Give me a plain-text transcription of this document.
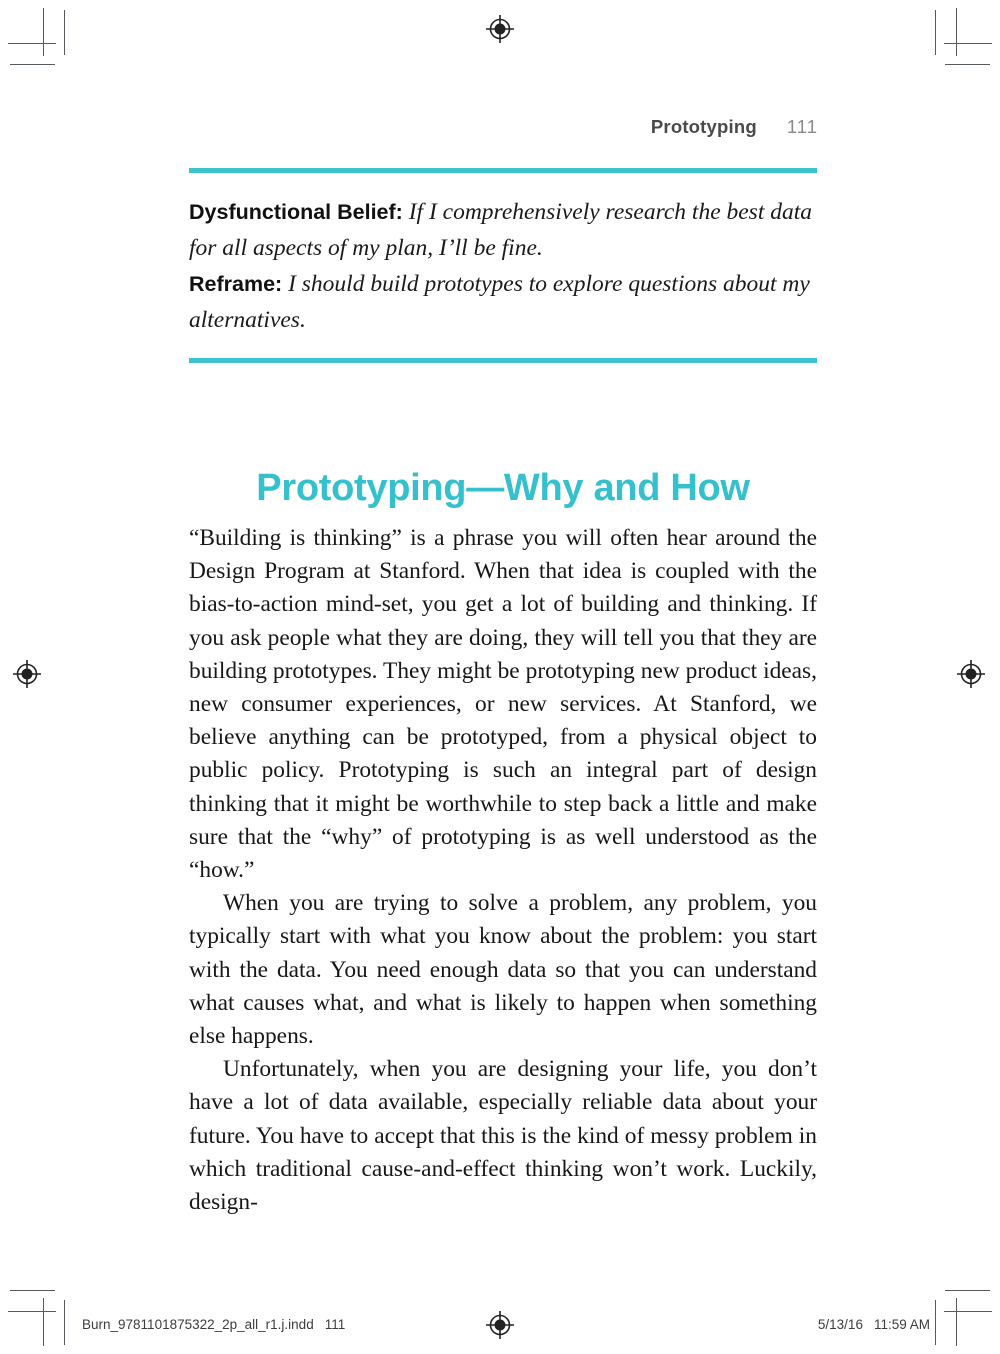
Prototyping 111
Dysfunctional Belief: If I comprehensively research the best data for all aspects of my plan, I’ll be fine.
Reframe: I should build prototypes to explore questions about my alternatives.
Prototyping—Why and How

“Building is thinking” is a phrase you will often hear around the Design Program at Stanford. When that idea is coupled with the bias-to-action mind-set, you get a lot of building and thinking. If you ask people what they are doing, they will tell you that they are building prototypes. They might be prototyping new product ideas, new consumer experiences, or new services. At Stanford, we believe anything can be prototyped, from a physical object to public policy. Prototyping is such an integral part of design thinking that it might be worthwhile to step back a little and make sure that the “why” of prototyping is as well understood as the “how.”

When you are trying to solve a problem, any problem, you typically start with what you know about the problem: you start with the data. You need enough data so that you can understand what causes what, and what is likely to happen when something else happens.

Unfortunately, when you are designing your life, you don’t have a lot of data available, especially reliable data about your future. You have to accept that this is the kind of messy problem in which traditional cause-and-effect thinking won’t work. Luckily, design-

Burn_9781101875322_2p_all_r1.j.indd 111	5/13/16 11:59 AM
